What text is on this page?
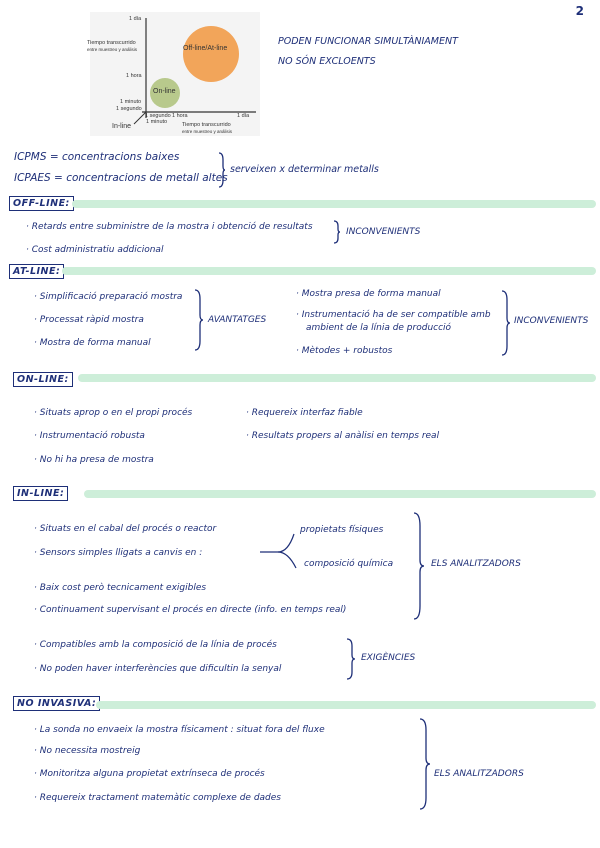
2
1 día
1 hora
1 minuto
1 segundo
Tiempo transcurrido
entre muestreo y análisis
1 segundo
1 minuto
1 hora	1 día
Tiempo transcurrido
entre muestreo y análisis
Off-line/At-line
On-line
In-line
PODEN FUNCIONAR SIMULTÀNIAMENT
NO SÓN EXCLOENTS
ICPMS = concentracions baixes
ICPAES = concentracions de metall altes
serveixen x determinar metalls
OFF-LINE:
· Retards entre subministre de la mostra i obtenció de resultats
· Cost administratiu addicional
INCONVENIENTS
AT-LINE:
· Simplificació preparació mostra
· Processat ràpid mostra
· Mostra de forma manual
AVANTATGES
· Mostra presa de forma manual
· Instrumentació ha de ser compatible amb
ambient de la línia de producció
· Mètodes + robustos
INCONVENIENTS
ON-LINE:
· Situats aprop o en el propi procés
· Instrumentació robusta
· No hi ha presa de mostra
· Requereix interfaz fiable
· Resultats propers al anàlisi en temps real
IN-LINE:
· Situats en el cabal del procés o reactor
· Sensors simples lligats a canvis en :
propietats físiques
composició química
· Baix cost però tecnicament exigibles
· Continuament supervisant el procés en directe (info. en temps real)
ELS ANALITZADORS
· Compatibles amb la composició de la línia de procés
· No poden haver interferències que dificultin la senyal
EXIGÈNCIES
NO INVASIVA:
· La sonda no envaeix la mostra físicament : situat fora del fluxe
· No necessita mostreig
· Monitoritza alguna propietat extrínseca de procés
· Requereix tractament matemàtic complexe de dades
ELS ANALITZADORS
